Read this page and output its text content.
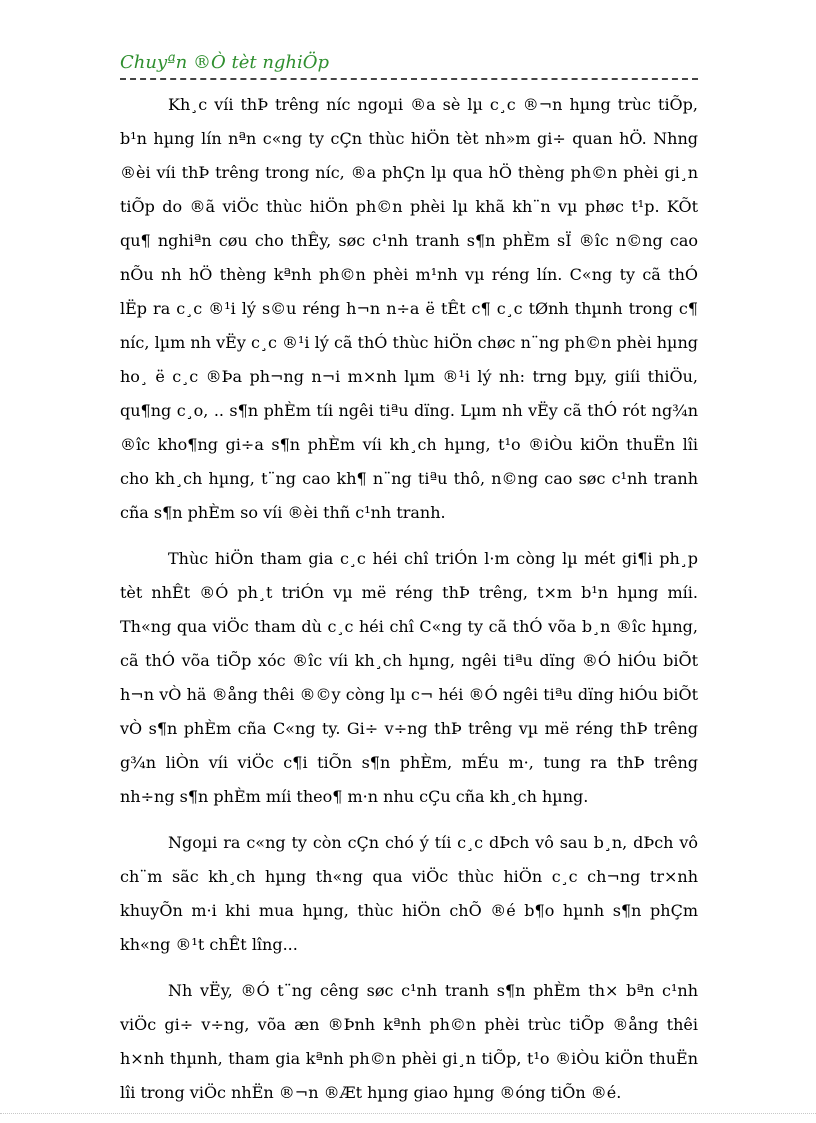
Chuyªn ®Ò tèt nghiÖp

Kh¸c víi thÞ trêng níc ngoµi ®a sè lµ c¸c ®¬n hµng trùc tiÕp, b¹n hµng lín nªn c«ng ty cÇn thùc hiÖn tèt nh»m gi÷ quan hÖ. Nhng ®èi víi thÞ trêng trong níc, ®a phÇn lµ qua hÖ thèng ph©n phèi gi¸n tiÕp do ®ã viÖc thùc hiÖn ph©n phèi lµ khã kh¨n vµ phøc t¹p. KÕt qu¶ nghiªn cøu cho thÊy, søc c¹nh tranh s¶n phÈm sÏ ®îc n©ng cao nÕu nh hÖ thèng kªnh ph©n phèi m¹nh vµ réng lín. C«ng ty cã thÓ lËp ra c¸c ®¹i lý s©u réng h¬n n÷a ë tÊt c¶ c¸c tØnh thµnh trong c¶ níc, lµm nh vËy c¸c ®¹i lý cã thÓ thùc hiÖn chøc n¨ng ph©n phèi hµng ho¸ ë c¸c ®Þa ph¬ng n¬i m×nh lµm ®¹i lý nh: trng bµy, giíi thiÖu, qu¶ng c¸o, .. s¶n phÈm tíi ngêi tiªu dïng. Lµm nh vËy cã thÓ rót ng¾n ®îc kho¶ng gi÷a s¶n phÈm víi kh¸ch hµng, t¹o ®iÒu kiÖn thuËn lîi cho kh¸ch hµng, t¨ng cao kh¶ n¨ng tiªu thô, n©ng cao søc c¹nh tranh cña s¶n phÈm so víi ®èi thñ c¹nh tranh.

Thùc hiÖn tham gia c¸c héi chî triÓn l·m còng lµ mét gi¶i ph¸p tèt nhÊt ®Ó ph¸t triÓn vµ më réng thÞ trêng, t×m b¹n hµng míi. Th«ng qua viÖc tham dù c¸c héi chî C«ng ty cã thÓ võa b¸n ®îc hµng, cã thÓ võa tiÕp xóc ®îc víi kh¸ch hµng, ngêi tiªu dïng ®Ó hiÓu biÕt h¬n vÒ hä ®ång thêi ®©y còng lµ c¬ héi ®Ó ngêi tiªu dïng hiÓu biÕt vÒ s¶n phÈm cña C«ng ty. Gi÷ v÷ng thÞ trêng vµ më réng thÞ trêng g¾n liÒn víi viÖc c¶i tiÕn s¶n phÈm, mÉu m·, tung ra thÞ trêng nh÷ng s¶n phÈm míi theo¶ m·n nhu cÇu cña kh¸ch hµng.

Ngoµi ra c«ng ty còn cÇn chó ý tíi c¸c dÞch vô sau b¸n, dÞch vô ch¨m sãc kh¸ch hµng th«ng qua viÖc thùc hiÖn c¸c ch¬ng tr×nh khuyÕn m·i khi mua hµng, thùc hiÖn chÕ ®é b¶o hµnh s¶n phÇm kh«ng ®¹t chÊt lîng...

Nh vËy, ®Ó t¨ng cêng søc c¹nh tranh s¶n phÈm th× bªn c¹nh viÖc gi÷ v÷ng, võa æn ®Þnh kªnh ph©n phèi trùc tiÕp ®ång thêi h×nh thµnh, tham gia kªnh ph©n phèi gi¸n tiÕp, t¹o ®iÒu kiÖn thuËn lîi trong viÖc nhËn ®¬n ®Æt hµng giao hµng ®óng tiÕn ®é.
